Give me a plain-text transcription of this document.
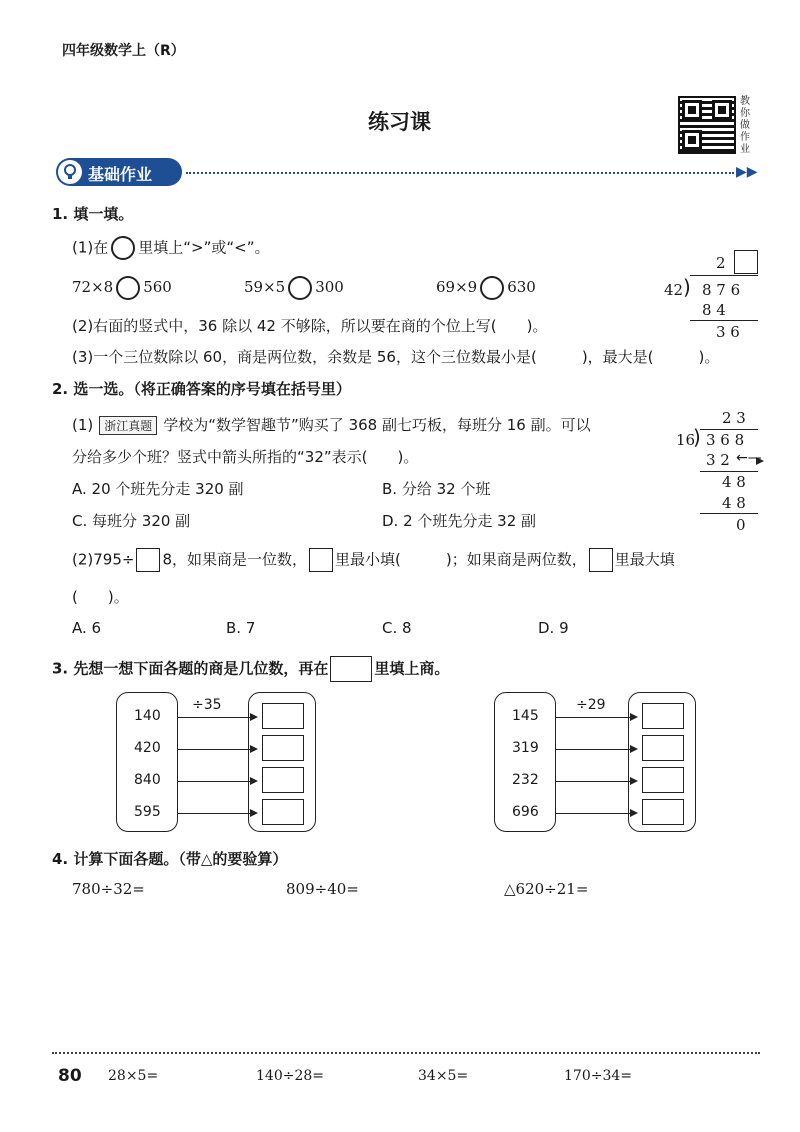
四年级数学上（R）
练习课
教
你
做
作
业
基础作业	▶▶
1. 填一填。
(1)在 里填上“>”或“<”。
72×8 560	59×5 300	69×9 630
(2)右面的竖式中，36 除以 42 不够除，所以要在商的个位上写(　　)。
(3)一个三位数除以 60，商是两位数，余数是 56，这个三位数最小是(　　　)，最大是(　　　)。
2
42 ) 8 7 6
8 4
3 6
2. 选一选。（将正确答案的序号填在括号里）
(1) 浙江真题 学校为“数学智趣节”购买了 368 副七巧板，每班分 16 副。可以
分给多少个班？竖式中箭头所指的“32”表示(　　)。
A. 20 个班先分走 320 副	B. 分给 32 个班
C. 每班分 320 副	D. 2 个班先分走 32 副
2 3
16
) 3 6 8
3 2 ←—
4 8
4 8
0
(2)795÷ 8，如果商是一位数， 里最小填(　　　)；如果商是两位数， 里最大填
(　　)。
A. 6	B. 7	C. 8	D. 9
3. 先想一想下面各题的商是几位数，再在	里填上商。
÷35
140
420
840
595
÷29
145
319
232
696
4. 计算下面各题。（带△的要验算）
780÷32=	809÷40=	△620÷21=
80 28×5=	140÷28=	34×5=	170÷34=
